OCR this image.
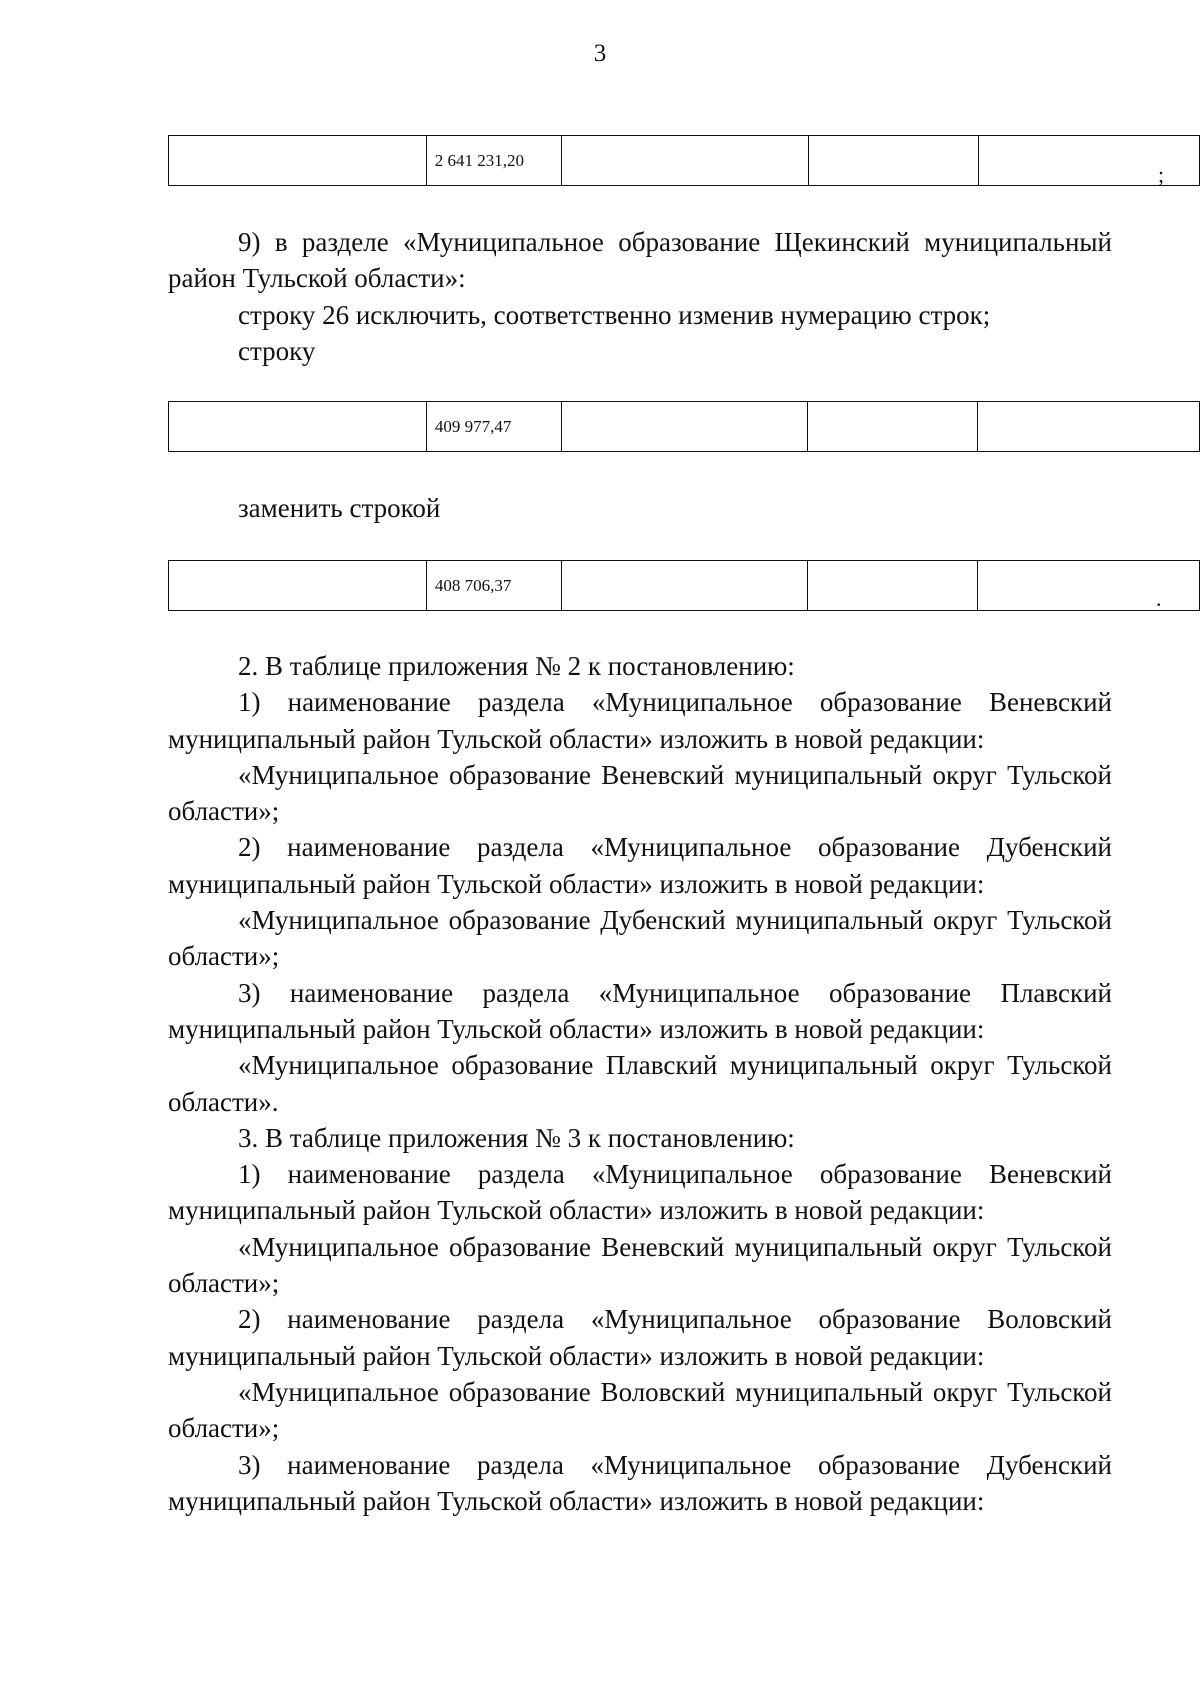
3
	2 641 231,20			
;

9) в разделе «Муниципальное образование Щекинский муниципальный район Тульской области»:

строку 26 исключить, соответственно изменив нумерацию строк;

строку

	409 977,47			
заменить строкой
	408 706,37			
.

2. В таблице приложения № 2 к постановлению:

1) наименование раздела «Муниципальное образование Веневский муниципальный район Тульской области» изложить в новой редакции:

«Муниципальное образование Веневский муниципальный округ Тульской области»;

2) наименование раздела «Муниципальное образование Дубенский муниципальный район Тульской области» изложить в новой редакции:

«Муниципальное образование Дубенский муниципальный округ Тульской области»;

3) наименование раздела «Муниципальное образование Плавский муниципальный район Тульской области» изложить в новой редакции:

«Муниципальное образование Плавский муниципальный округ Тульской области».

3. В таблице приложения № 3 к постановлению:

1) наименование раздела «Муниципальное образование Веневский муниципальный район Тульской области» изложить в новой редакции:

«Муниципальное образование Веневский муниципальный округ Тульской области»;

2) наименование раздела «Муниципальное образование Воловский муниципальный район Тульской области» изложить в новой редакции:

«Муниципальное образование Воловский муниципальный округ Тульской области»;

3) наименование раздела «Муниципальное образование Дубенский муниципальный район Тульской области» изложить в новой редакции:
